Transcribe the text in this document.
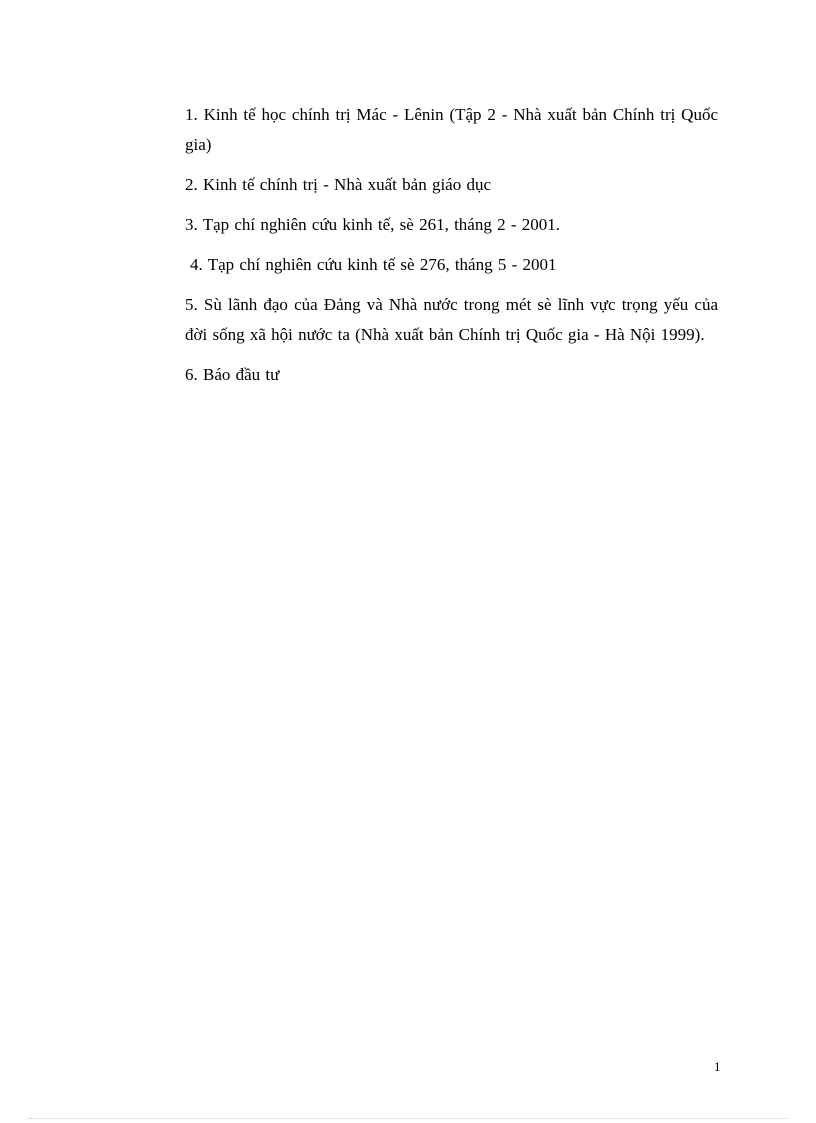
1. Kinh tế học chính trị Mác - Lênin (Tập 2 - Nhà xuất bản Chính trị Quốc gia)
2. Kinh tế chính trị - Nhà xuất bản giáo dục
3. Tạp chí nghiên cứu kinh tế, sè 261, tháng 2 - 2001.
4. Tạp chí nghiên cứu kinh tế sè 276, tháng 5 - 2001
5. Sù lãnh đạo của Đảng và Nhà nước trong mét sè lĩnh vực trọng yếu của đời sống xã hội nước ta (Nhà xuất bản Chính trị Quốc gia - Hà Nội 1999).
6. Báo đầu tư
1
